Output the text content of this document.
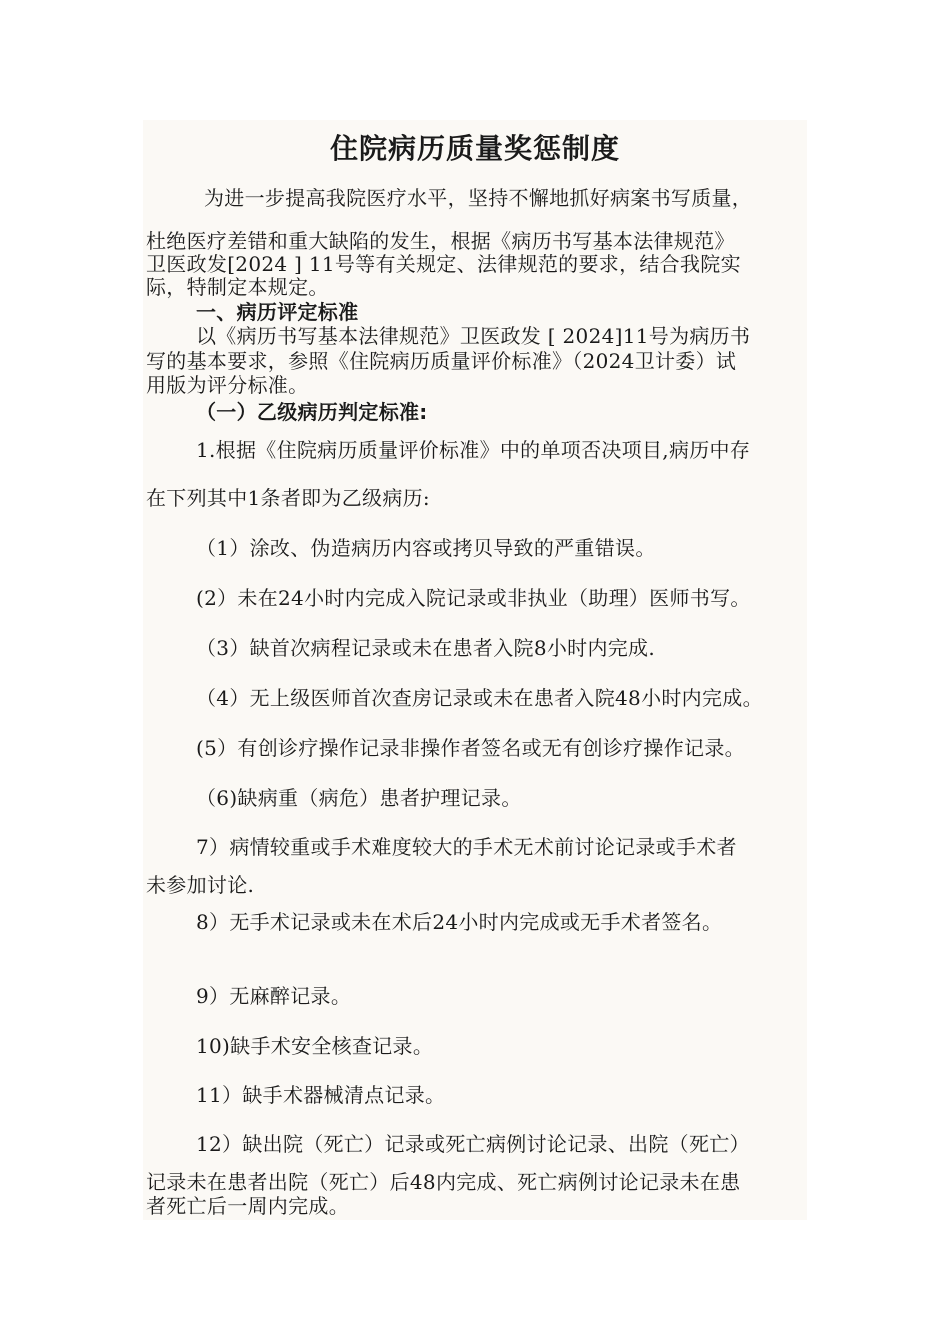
住院病历质量奖惩制度
为进一步提高我院医疗水平，坚持不懈地抓好病案书写质量，
杜绝医疗差错和重大缺陷的发生，根据《病历书写基本法律规范》
卫医政发[2024 ] 11号等有关规定、法律规范的要求，结合我院实
际，特制定本规定。
一、病历评定标准
以《病历书写基本法律规范》卫医政发 [ 2024]11号为病历书
写的基本要求，参照《住院病历质量评价标准》（2024卫计委）试
用版为评分标准。
（一）乙级病历判定标准:
1.根据《住院病历质量评价标准》中的单项否决项目,病历中存
在下列其中1条者即为乙级病历:
（1）涂改、伪造病历内容或拷贝导致的严重错误。
(2）未在24小时内完成入院记录或非执业（助理）医师书写。
（3）缺首次病程记录或未在患者入院8小时内完成.
（4）无上级医师首次查房记录或未在患者入院48小时内完成。
(5）有创诊疗操作记录非操作者签名或无有创诊疗操作记录。
（6)缺病重（病危）患者护理记录。
7）病情较重或手术难度较大的手术无术前讨论记录或手术者
未参加讨论.
8）无手术记录或未在术后24小时内完成或无手术者签名。
9）无麻醉记录。
10)缺手术安全核查记录。
11）缺手术器械清点记录。
12）缺出院（死亡）记录或死亡病例讨论记录、出院（死亡）
记录未在患者出院（死亡）后48内完成、死亡病例讨论记录未在患
者死亡后一周内完成。
